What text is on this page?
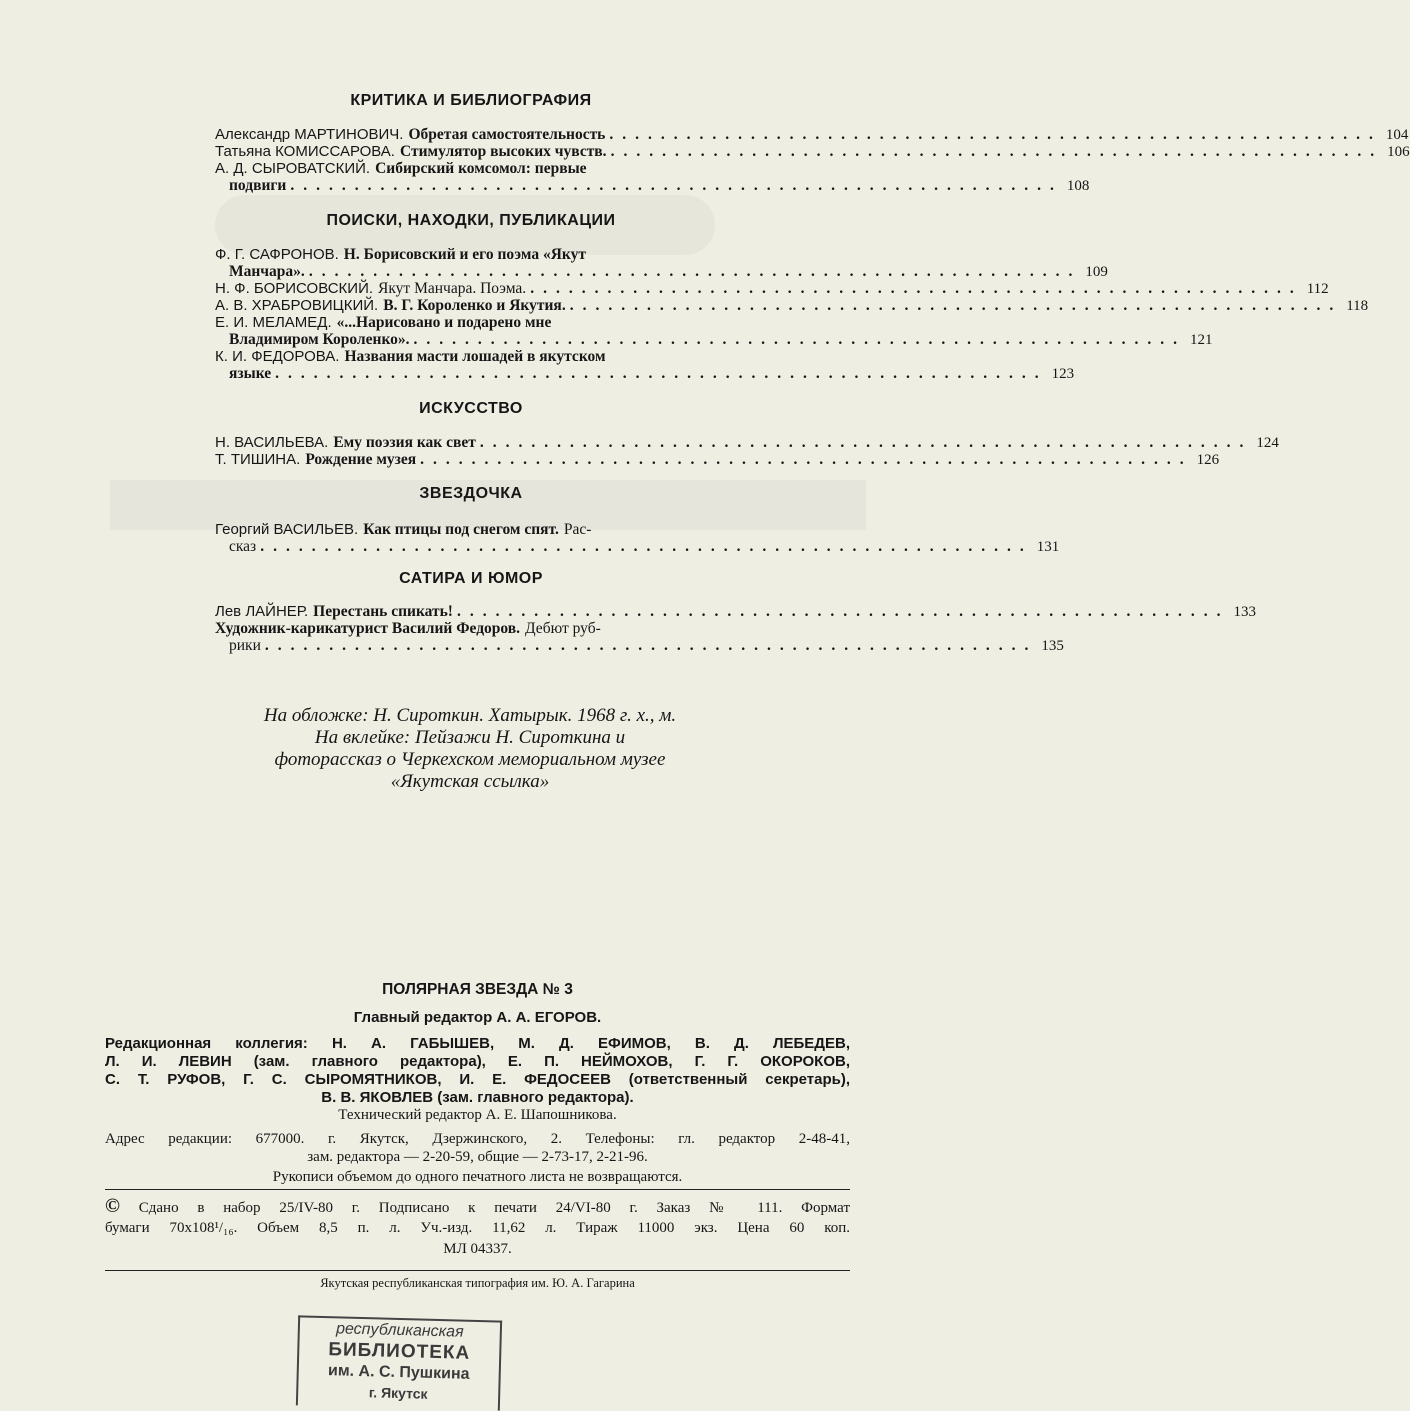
КРИТИКА И БИБЛИОГРАФИЯ
Александр МАРТИНОВИЧ. Обретая самостоятельность ............................................................ 104
Татьяна КОМИССАРОВА. Стимулятор высоких чувств. ............................................................ 106
А. Д. СЫРОВАТСКИЙ. Сибирский комсомол: первые
подвиги ............................................................ 108
ПОИСКИ, НАХОДКИ, ПУБЛИКАЦИИ
Ф. Г. САФРОНОВ. Н. Борисовский и его поэма «Якут
Манчара». ............................................................ 109
Н. Ф. БОРИСОВСКИЙ. Якут Манчара. Поэма. ............................................................ 112
А. В. ХРАБРОВИЦКИЙ. В. Г. Короленко и Якутия. ............................................................ 118
Е. И. МЕЛАМЕД. «...Нарисовано и подарено мне
Владимиром Короленко». ............................................................ 121
К. И. ФЕДОРОВА. Названия масти лошадей в якутском
языке ............................................................ 123
ИСКУССТВО
Н. ВАСИЛЬЕВА. Ему поэзия как свет ............................................................ 124
Т. ТИШИНА. Рождение музея ............................................................ 126
ЗВЕЗДОЧКА
Георгий ВАСИЛЬЕВ. Как птицы под снегом спят. Рас-
сказ ............................................................ 131
САТИРА И ЮМОР
Лев ЛАЙНЕР. Перестань спикать! ............................................................ 133
Художник-карикатурист Василий Федоров. Дебют руб-
рики ............................................................ 135
На обложке: Н. Сироткин. Хатырык. 1968 г. х., м.
На вклейке: Пейзажи Н. Сироткина и
фоторассказ о Черкехском мемориальном музее
«Якутская ссылка»
ПОЛЯРНАЯ ЗВЕЗДА № 3
Главный редактор А. А. ЕГОРОВ.
Редакционная коллегия: Н. А. ГАБЫШЕВ, М. Д. ЕФИМОВ, В. Д. ЛЕБЕДЕВ,
Л. И. ЛЕВИН (зам. главного редактора), Е. П. НЕЙМОХОВ, Г. Г. ОКОРОКОВ,
С. Т. РУФОВ, Г. С. СЫРОМЯТНИКОВ, И. Е. ФЕДОСЕЕВ (ответственный секретарь),
В. В. ЯКОВЛЕВ (зам. главного редактора).
Технический редактор А. Е. Шапошникова.
Адрес редакции: 677000. г. Якутск, Дзержинского, 2. Телефоны: гл. редактор 2-48-41,
зам. редактора — 2-20-59, общие — 2-73-17, 2-21-96.
Рукописи объемом до одного печатного листа не возвращаются.
© Сдано в набор 25/IV-80 г. Подписано к печати 24/VI-80 г. Заказ № 111. Формат
бумаги 70х108¹/₁₆. Объем 8,5 п. л. Уч.-изд. 11,62 л. Тираж 11000 экз. Цена 60 коп.
МЛ 04337.
Якутская республиканская типография им. Ю. А. Гагарина
республиканская
БИБЛИОТЕКА
им. А. С. Пушкина
г. Якутск
